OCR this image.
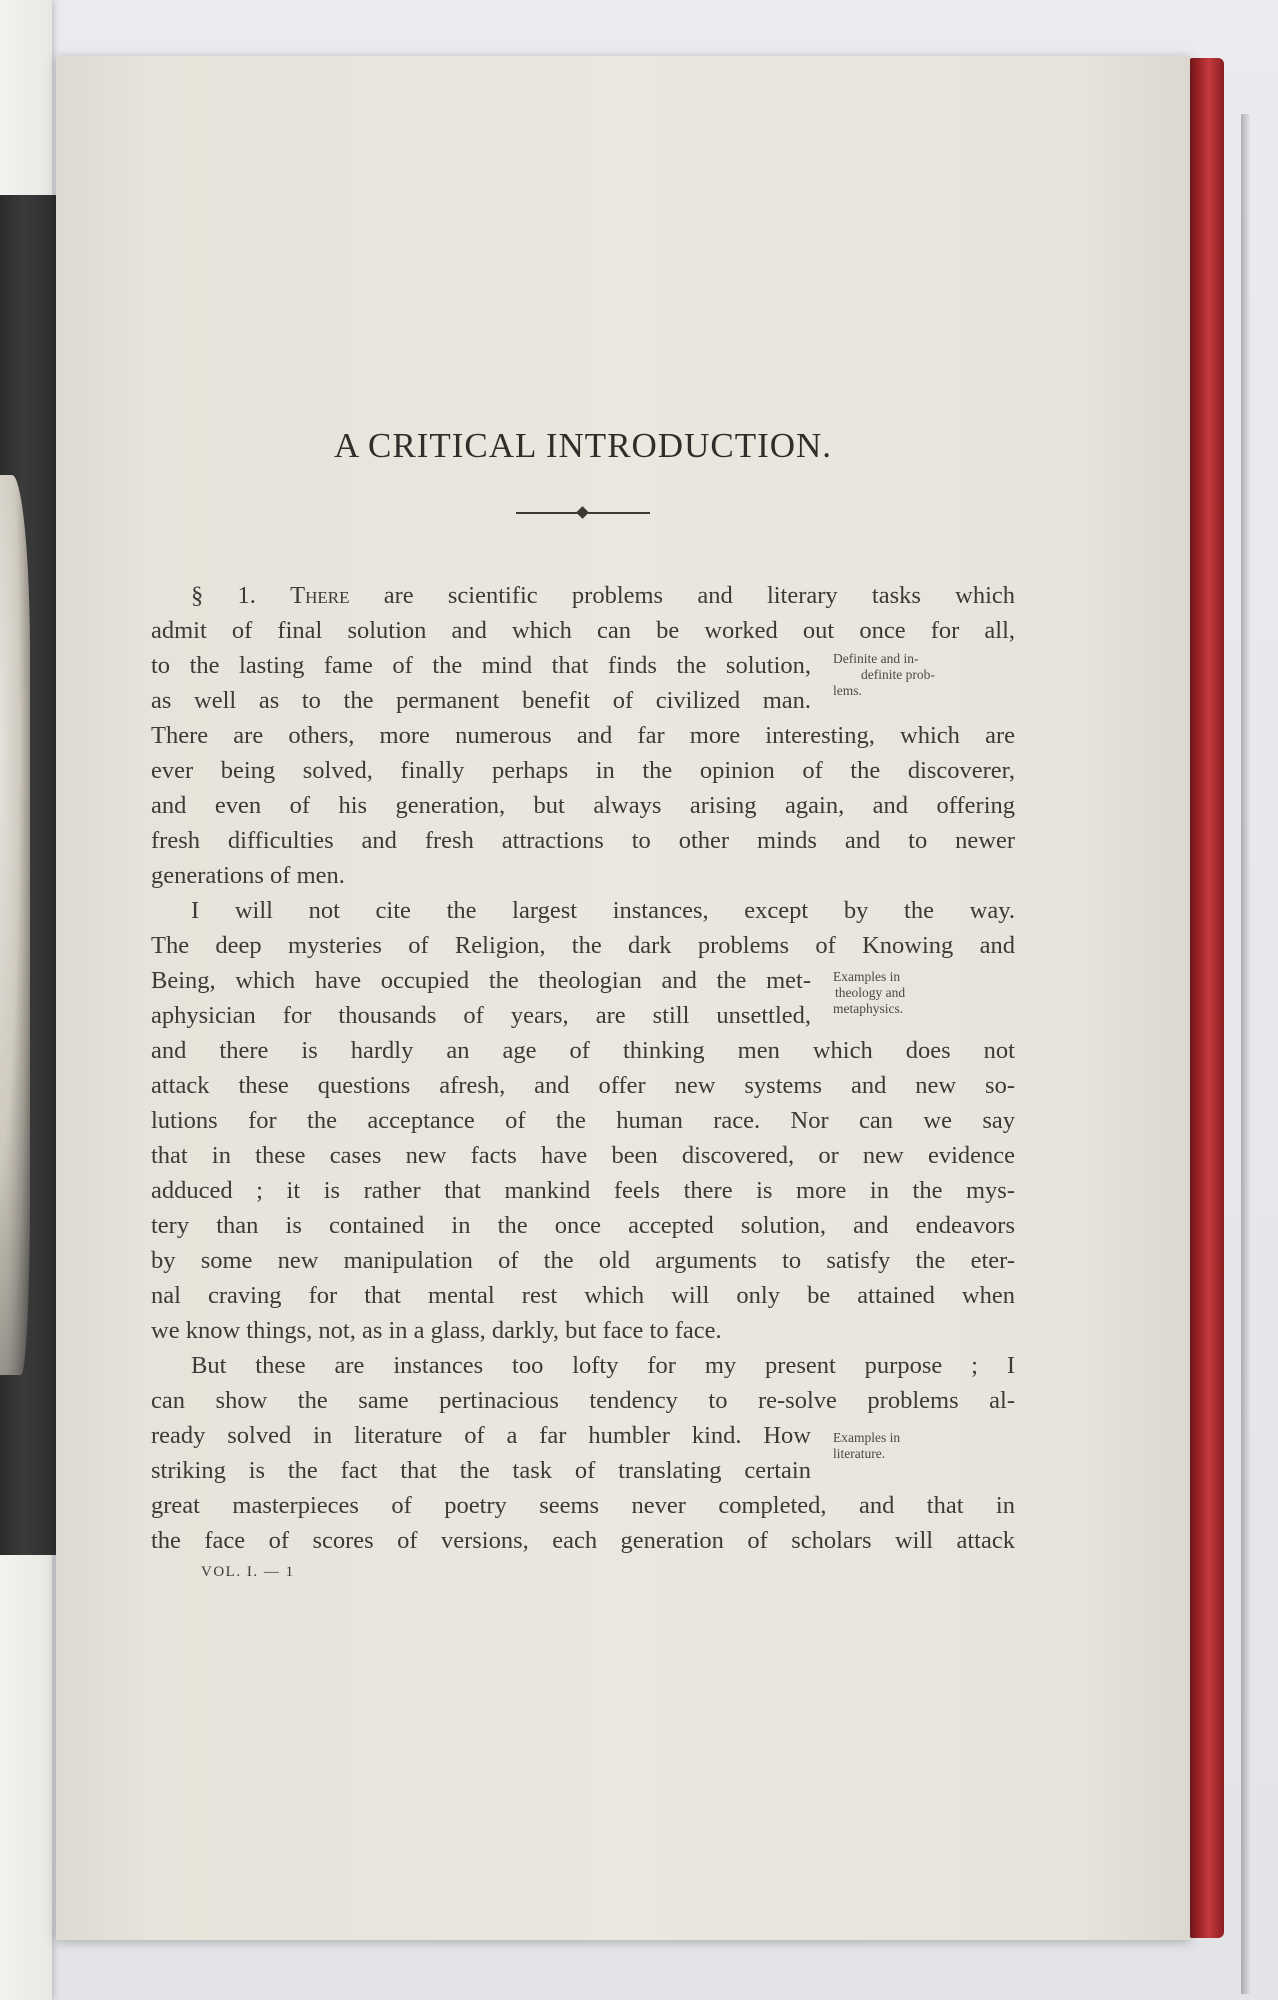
A CRITICAL INTRODUCTION.
§ 1. There are scientific problems and literary tasks which
admit of final solution and which can be worked out once for all,
to the lasting fame of the mind that finds the solution, Definite and in-
definite prob-
lems.
as well as to the permanent benefit of civilized man.
There are others, more numerous and far more interesting, which are
ever being solved, finally perhaps in the opinion of the discoverer,
and even of his generation, but always arising again, and offering
fresh difficulties and fresh attractions to other minds and to newer
generations of men.
I will not cite the largest instances, except by the way.
The deep mysteries of Religion, the dark problems of Knowing and
Being, which have occupied the theologian and the met- Examples in
theology and
metaphysics.
aphysician for thousands of years, are still unsettled,
and there is hardly an age of thinking men which does not
attack these questions afresh, and offer new systems and new so-
lutions for the acceptance of the human race. Nor can we say
that in these cases new facts have been discovered, or new evidence
adduced ; it is rather that mankind feels there is more in the mys-
tery than is contained in the once accepted solution, and endeavors
by some new manipulation of the old arguments to satisfy the eter-
nal craving for that mental rest which will only be attained when
we know things, not, as in a glass, darkly, but face to face.
But these are instances too lofty for my present purpose ; I
can show the same pertinacious tendency to re-solve problems al-
ready solved in literature of a far humbler kind. How Examples in
literature.
striking is the fact that the task of translating certain
great masterpieces of poetry seems never completed, and that in
the face of scores of versions, each generation of scholars will attack
VOL. I. — 1
